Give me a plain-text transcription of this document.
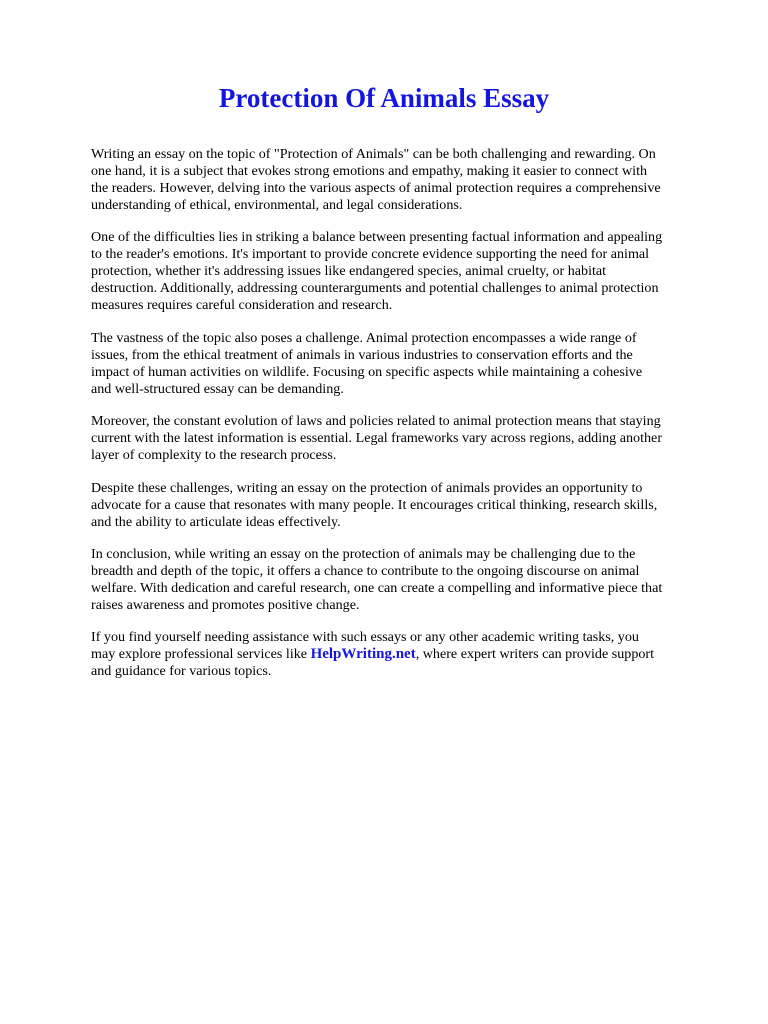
Protection Of Animals Essay

Writing an essay on the topic of "Protection of Animals" can be both challenging and rewarding. On
one hand, it is a subject that evokes strong emotions and empathy, making it easier to connect with
the readers. However, delving into the various aspects of animal protection requires a comprehensive
understanding of ethical, environmental, and legal considerations.

One of the difficulties lies in striking a balance between presenting factual information and appealing
to the reader's emotions. It's important to provide concrete evidence supporting the need for animal
protection, whether it's addressing issues like endangered species, animal cruelty, or habitat
destruction. Additionally, addressing counterarguments and potential challenges to animal protection
measures requires careful consideration and research.

The vastness of the topic also poses a challenge. Animal protection encompasses a wide range of
issues, from the ethical treatment of animals in various industries to conservation efforts and the
impact of human activities on wildlife. Focusing on specific aspects while maintaining a cohesive
and well-structured essay can be demanding.

Moreover, the constant evolution of laws and policies related to animal protection means that staying
current with the latest information is essential. Legal frameworks vary across regions, adding another
layer of complexity to the research process.

Despite these challenges, writing an essay on the protection of animals provides an opportunity to
advocate for a cause that resonates with many people. It encourages critical thinking, research skills,
and the ability to articulate ideas effectively.

In conclusion, while writing an essay on the protection of animals may be challenging due to the
breadth and depth of the topic, it offers a chance to contribute to the ongoing discourse on animal
welfare. With dedication and careful research, one can create a compelling and informative piece that
raises awareness and promotes positive change.

If you find yourself needing assistance with such essays or any other academic writing tasks, you
may explore professional services like HelpWriting.net, where expert writers can provide support
and guidance for various topics.
